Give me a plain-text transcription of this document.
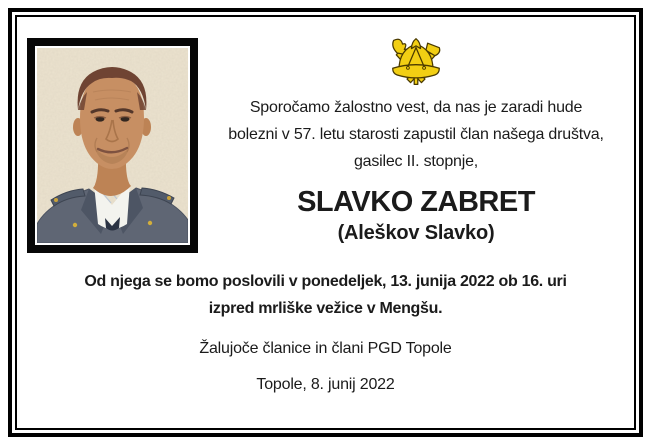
Sporočamo žalostno vest, da nas je zaradi hude
bolezni v 57. letu starosti zapustil član našega društva,
gasilec II. stopnje,
SLAVKO ZABRET
(Aleškov Slavko)
Od njega se bomo poslovili v ponedeljek, 13. junija 2022 ob 16. uri
izpred mrliške vežice v Mengšu.
Žalujoče članice in člani PGD Topole
Topole, 8. junij 2022
